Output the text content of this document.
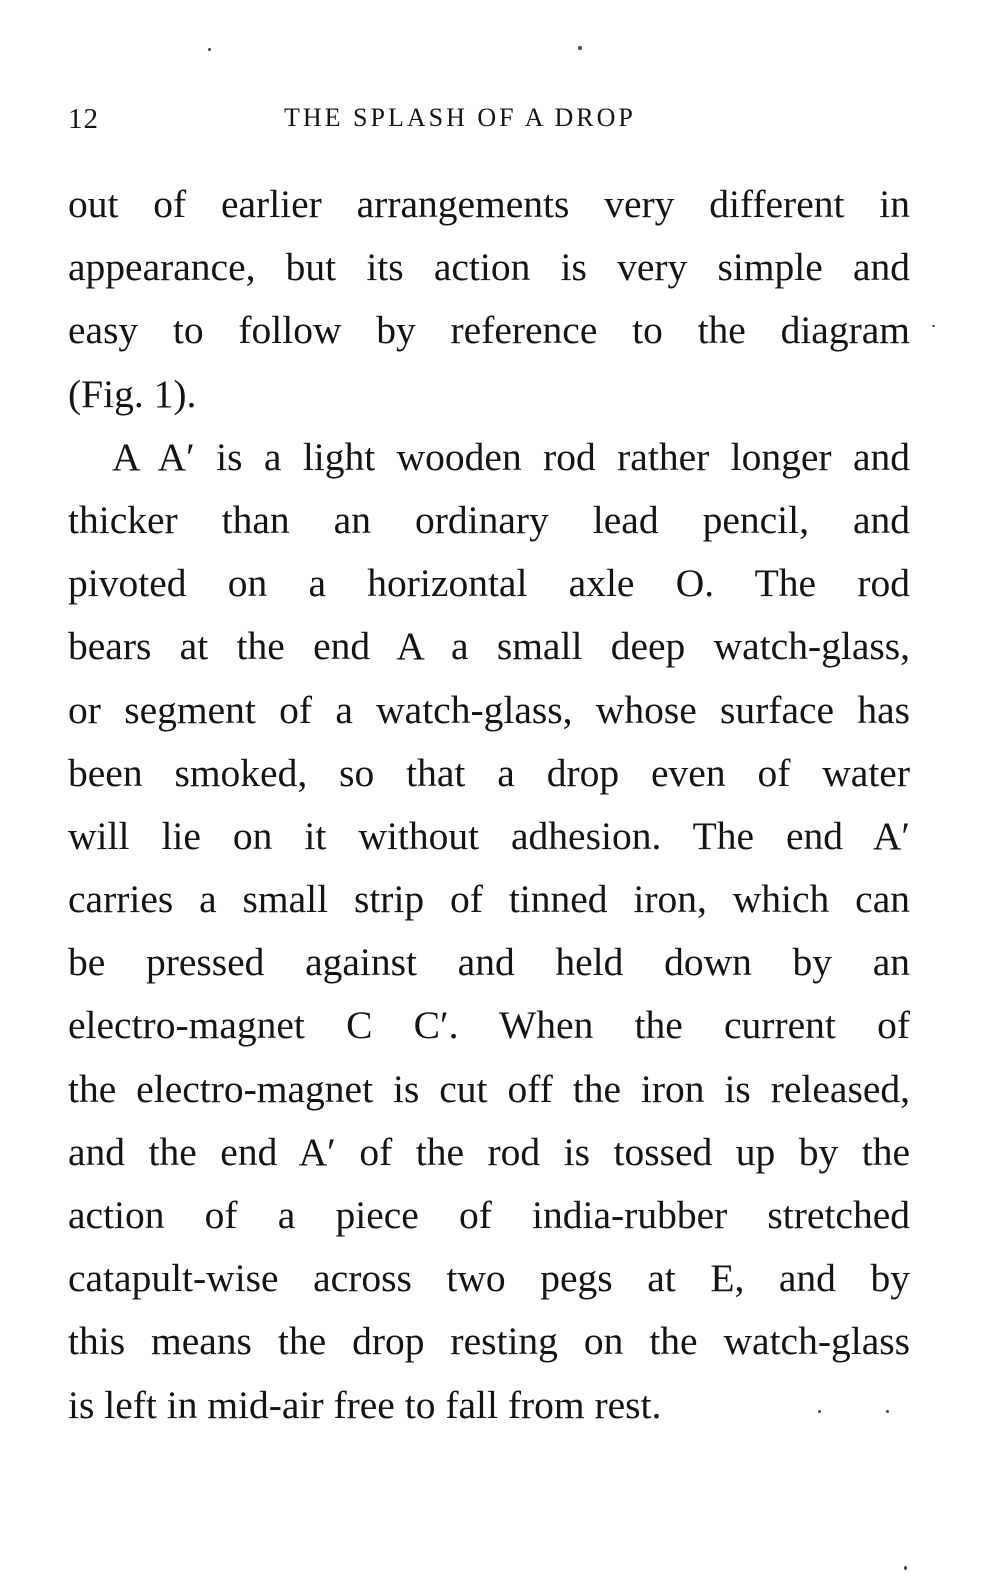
12	THE SPLASH OF A DROP
out of earlier arrangements very different in
appearance, but its action is very simple and
easy to follow by reference to the diagram
(Fig. 1).
A A′ is a light wooden rod rather longer and
thicker than an ordinary lead pencil, and
pivoted on a horizontal axle O. The rod
bears at the end A a small deep watch-glass,
or segment of a watch-glass, whose surface has
been smoked, so that a drop even of water
will lie on it without adhesion. The end A′
carries a small strip of tinned iron, which can
be pressed against and held down by an
electro-magnet C C′. When the current of
the electro-magnet is cut off the iron is released,
and the end A′ of the rod is tossed up by the
action of a piece of india-rubber stretched
catapult-wise across two pegs at E, and by
this means the drop resting on the watch-glass
is left in mid-air free to fall from rest.
